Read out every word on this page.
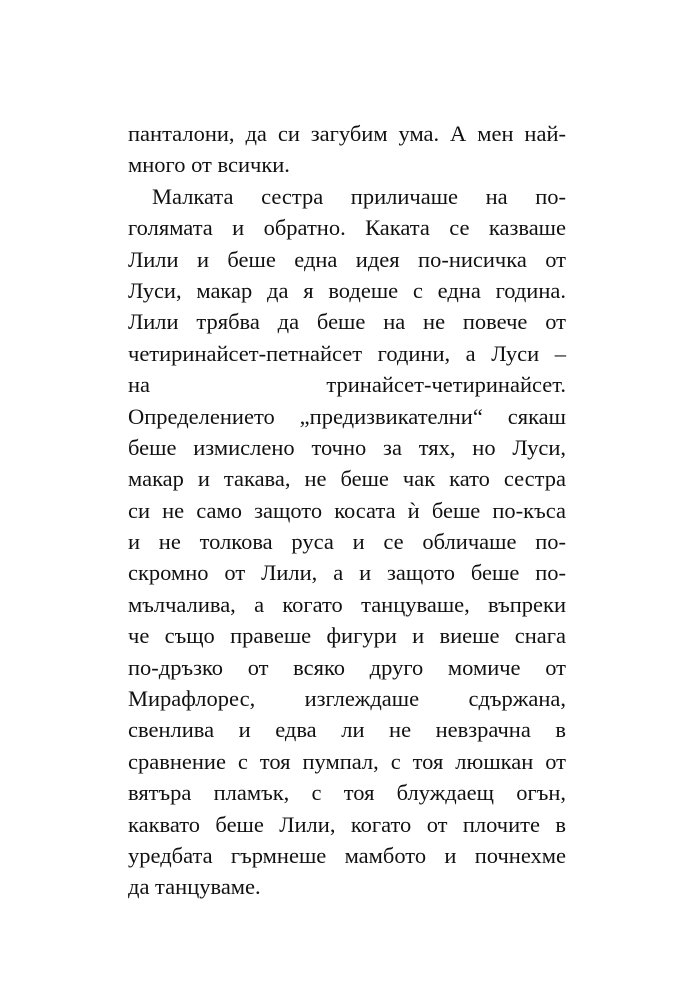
панталони, да си загубим ума. А мен най-
много от всички.
Малката сестра приличаше на по-
голямата и обратно. Каката се казваше
Лили и беше една идея по-нисичка от
Луси, макар да я водеше с една година.
Лили трябва да беше на не повече от
четиринайсет-петнайсет години, а Луси –
на тринайсет-четиринайсет.
Определението „предизвикателни“ сякаш
беше измислено точно за тях, но Луси,
макар и такава, не беше чак като сестра
си не само защото косата ѝ беше по-къса
и не толкова руса и се обличаше по-
скромно от Лили, а и защото беше по-
мълчалива, а когато танцуваше, въпреки
че също правеше фигури и виеше снага
по-дръзко от всяко друго момиче от
Мирафлорес, изглеждаше сдържана,
свенлива и едва ли не невзрачна в
сравнение с тоя пумпал, с тоя люшкан от
вятъра пламък, с тоя блуждаещ огън,
каквато беше Лили, когато от плочите в
уредбата гърмнеше мамбото и почнехме
да танцуваме.
